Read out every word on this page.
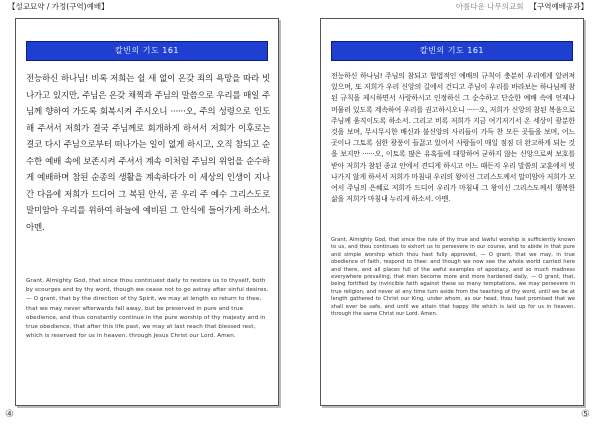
【설교묘약 / 가정(구역)예배】
칼빈의 기도 161
전능하신 하나님! 비록 저희는 쉴 새 없이 온갖 죄의 욕망을 따라 빗나가고 있지만, 주님은 온갖 채찍과 주님의 말씀으로 우리를 매일 주님께 향하여 가도록 회복시켜 주시오니 ······오, 주의 성령으로 인도해 주셔서 저희가 결국 주님께로 회개하게 하셔서 저희가 이후로는 결코 다시 주님으로부터 떠나가는 일이 없게 하시고, 오직 참되고 순수한 예배 속에 보존시켜 주셔서 계속 이처럼 주님의 위엄을 순수하게 예배하며 참된 순종의 생활을 계속하다가 이 세상의 인생이 지나간 다음에 저희가 드디어 그 복된 안식, 곧 우리 주 예수 그리스도로 말미암아 우리를 위하여 하늘에 예비된 그 안식에 들어가게 하소서. 아멘.
Grant, Almighty God, that since thou continuest daily to restore us to thyself, both by scourges and by thy word, though we cease not to go astray after sinful desires. — O grant, that by the direction of thy Spirit, we may at length so return to thee, that we may never afterwards fall away, but be preserved in pure and true obedience, and thus constantly continue in the pure worship of thy majesty and in true obedience, that after this life past, we may at last reach that blessed rest, which is reserved for us in heaven, through Jesus Christ our Lord. Amen.
④
아름다운 나무의교회 【구역예배공과】
칼빈의 기도 161
전능하신 하나님! 주님의 참되고 합법적인 예배의 규칙이 충분히 우리에게 알려져 있으며, 또 저희가 우리 신앙의 길에서 건디고 주님이 우리를 바라보는 하나님께 참된 규칙을 제시하면서 사랑하시고 인정하신 그 순수하고 단순한 예배 속에 언제나 머물러 있도록 계속하여 우리를 권고하시오니 ······오, 저희가 신앙의 참된 복음으로 주님께 움직이도록 하소서. 그리고 비록 저희가 지금 여기저기서 온 세상이 광분한 것을 보며, 무시무시한 배신과 불신앙의 사리들이 가득 찬 모든 곳들을 보며, 어느 곳이나 그토록 심한 광풍이 들끓고 있어서 사람들이 매일 점점 더 완고하게 되는 것을 보지만 ······오, 이토록 많은 유혹들에 대항하여 굳하지 않는 신앙으로써 보호를 받아 저희가 참된 종교 안에서 견디게 하시고 어느 때든지 우리 말씀의 교훈에서 빗나가지 않게 하셔서 저희가 마침내 우리의 왕이신 그리스도께서 말미암아 저희가 모여서 주님의 은혜로 저희가 드디어 우리가 마침내 그 왕이신 그리스도께서 행복한 삶을 저희가 마침내 누리게 하소서. 아멘.
Grant, Almighty God, that since the rule of thy true and lawful worship is sufficiently known to us, and thou continues to exhort us to persevere in our course, and to abide in that pure and simple worship which thou hast fully approved, — O grant, that we may, in true obedience of faith, respond to thee: and though we now see the whole world carried here and there, and all places full of the awful examples of apostacy, and so much madness everywhere prevailing, that men become more and more hardened daily, — O grant, that, being fortified by invincible faith against these so many temptations, we may persevere in true religion, and never at any time turn aside from the teaching of thy word, until we be at length gathered to Christ our King, under whom, as our head, thou hast promised that we shall ever be safe, and until we attain that happy life which is laid up for us in heaven, through the same Christ our Lord. Amen.
⑤
